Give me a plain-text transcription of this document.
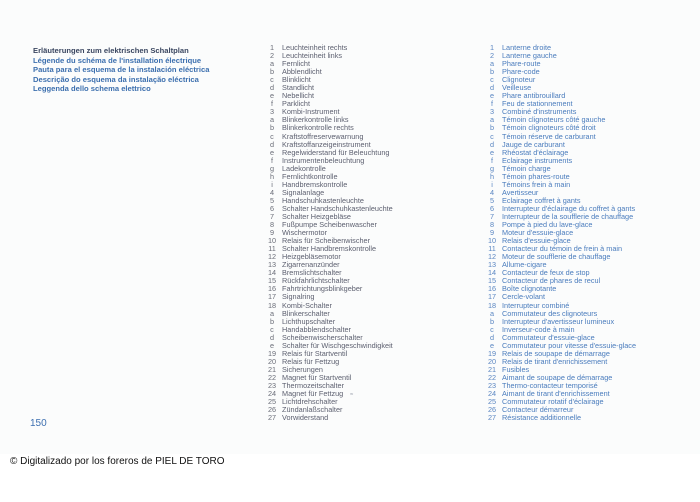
Erläuterungen zum elektrischen Schaltplan
Légende du schéma de l'installation électrique
Pauta para el esquema de la instalación eléctrica
Descrição do esquema da instalação eléctrica
Leggenda dello schema elettrico
1	Leuchteinheit rechts
2	Leuchteinheit links
a	Fernlicht
b	Abblendlicht
c	Blinklicht
d	Standlicht
e	Nebellicht
f	Parklicht
3	Kombi-Instrument
a	Blinkerkontrolle links
b	Blinkerkontrolle rechts
c	Kraftstoffreservewarnung
d	Kraftstoffanzeigeinstrument
e	Regelwiderstand für Beleuchtung
f	Instrumentenbeleuchtung
g	Ladekontrolle
h	Fernlichtkontrolle
i	Handbremskontrolle
4	Signalanlage
5	Handschuhkastenleuchte
6	Schalter Handschuhkastenleuchte
7	Schalter Heizgebläse
8	Fußpumpe Scheibenwascher
9	Wischermotor
10 Relais für Scheibenwischer
11 Schalter Handbremskontrolle
12 Heizgebläsemotor
13 Zigarrenanzünder
14 Bremslichtschalter
15 Rückfahrlichtschalter
16 Fahrtrichtungsblinkgeber
17 Signalring
18 Kombi-Schalter
a	Blinkerschalter
b	Lichthupschalter
c	Handabblendschalter
d	Scheibenwischerschalter
e	Schalter für Wischgeschwindigkeit
19 Relais für Startventil
20 Relais für Fettzug
21 Sicherungen
22 Magnet für Startventil
23 Thermozeitschalter
24 Magnet für Fettzug
25 Lichtdrehschalter
26 Zündanlaßschalter
27 Vorwiderstand
1	Lanterne droite
2	Lanterne gauche
a	Phare-route
b	Phare-code
c	Clignoteur
d	Veilleuse
e	Phare antibrouillard
f	Feu de stationnement
3	Combiné d'instruments
a	Témoin clignoteurs côté gauche
b	Témoin clignoteurs côté droit
c	Témoin réserve de carburant
d	Jauge de carburant
e	Rhéostat d'éclairage
f	Eclairage instruments
g	Témoin charge
h	Témoin phares-route
i	Témoins frein à main
4	Avertisseur
5	Eclairage coffret à gants
6	Interrupteur d'éclairage du coffret à gants
7	Interrupteur de la soufflerie de chauffage
8	Pompe à pied du lave-glace
9	Moteur d'essuie-glace
10 Relais d'essuie-glace
11 Contacteur du témoin de frein à main
12 Moteur de soufflerie de chauffage
13 Allume-cigare
14 Contacteur de feux de stop
15 Contacteur de phares de recul
16 Boîte clignotante
17 Cercle-volant
18 Interrupteur combiné
a	Commutateur des clignoteurs
b	Interrupteur d'avertisseur lumineux
c	Inverseur-code à main
d	Commutateur d'essuie-glace
e	Commutateur pour vitesse d'essuie-glace
19 Relais de soupape de démarrage
20 Relais de tirant d'enrichissement
21 Fusibles
22 Aimant de soupape de démarrage
23 Thermo-contacteur temporisé
24 Aimant de tirant d'enrichissement
25 Commutateur rotatif d'éclairage
26 Contacteur démarreur
27 Résistance additionnelle
≈
150
© Digitalizado por los foreros de PIEL DE TORO
